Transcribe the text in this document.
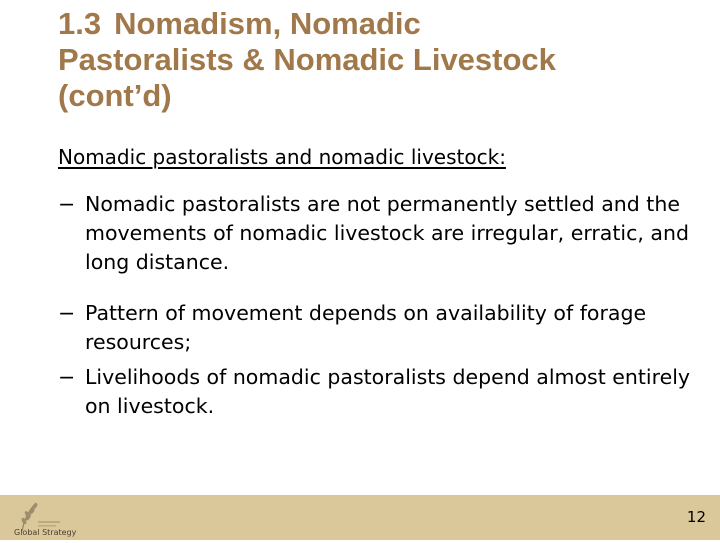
1.3 Nomadism, Nomadic
Pastoralists & Nomadic Livestock
(cont’d)
Nomadic pastoralists and nomadic livestock:
− Nomadic pastoralists are not permanently settled and the movements of nomadic livestock are irregular, erratic, and long distance.
− Pattern of movement depends on availability of forage resources;
− Livelihoods of nomadic pastoralists depend almost entirely on livestock.
Global Strategy
12
